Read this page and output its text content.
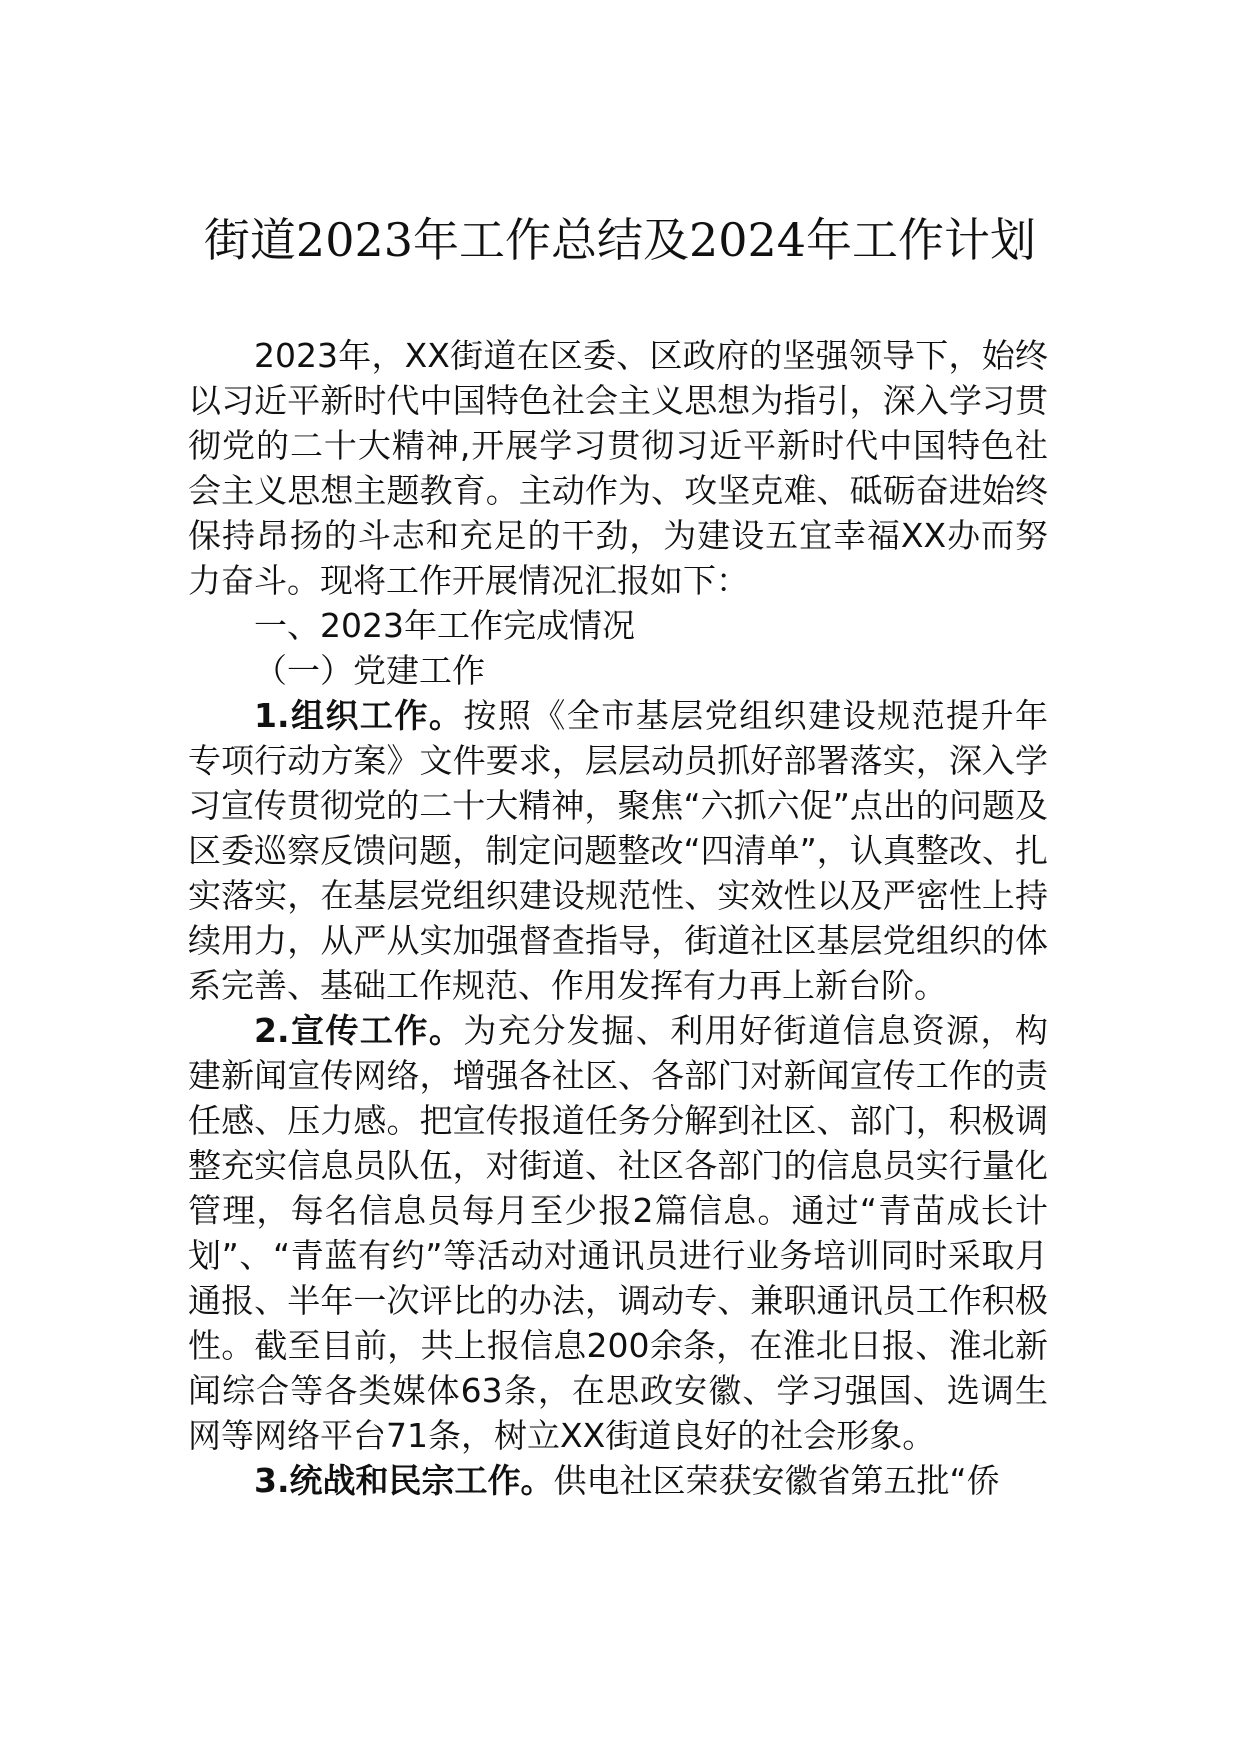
街道2023年工作总结及2024年工作计划

2023年，XX街道在区委、区政府的坚强领导下，始终以习近平新时代中国特色社会主义思想为指引，深入学习贯彻党的二十大精神,开展学习贯彻习近平新时代中国特色社会主义思想主题教育。主动作为、攻坚克难、砥砺奋进始终保持昂扬的斗志和充足的干劲，为建设五宜幸福XX办而努力奋斗。现将工作开展情况汇报如下：

一、2023年工作完成情况

（一）党建工作

1.组织工作。按照《全市基层党组织建设规范提升年专项行动方案》文件要求，层层动员抓好部署落实，深入学习宣传贯彻党的二十大精神，聚焦“六抓六促”点出的问题及区委巡察反馈问题，制定问题整改“四清单”，认真整改、扎实落实，在基层党组织建设规范性、实效性以及严密性上持续用力，从严从实加强督查指导，街道社区基层党组织的体系完善、基础工作规范、作用发挥有力再上新台阶。

2.宣传工作。为充分发掘、利用好街道信息资源，构建新闻宣传网络，增强各社区、各部门对新闻宣传工作的责任感、压力感。把宣传报道任务分解到社区、部门，积极调整充实信息员队伍，对街道、社区各部门的信息员实行量化管理，每名信息员每月至少报2篇信息。通过“青苗成长计划”、“青蓝有约”等活动对通讯员进行业务培训同时采取月通报、半年一次评比的办法，调动专、兼职通讯员工作积极性。截至目前，共上报信息200余条，在淮北日报、淮北新闻综合等各类媒体63条，在思政安徽、学习强国、选调生网等网络平台71条，树立XX街道良好的社会形象。

3.统战和民宗工作。供电社区荣获安徽省第五批“侨
